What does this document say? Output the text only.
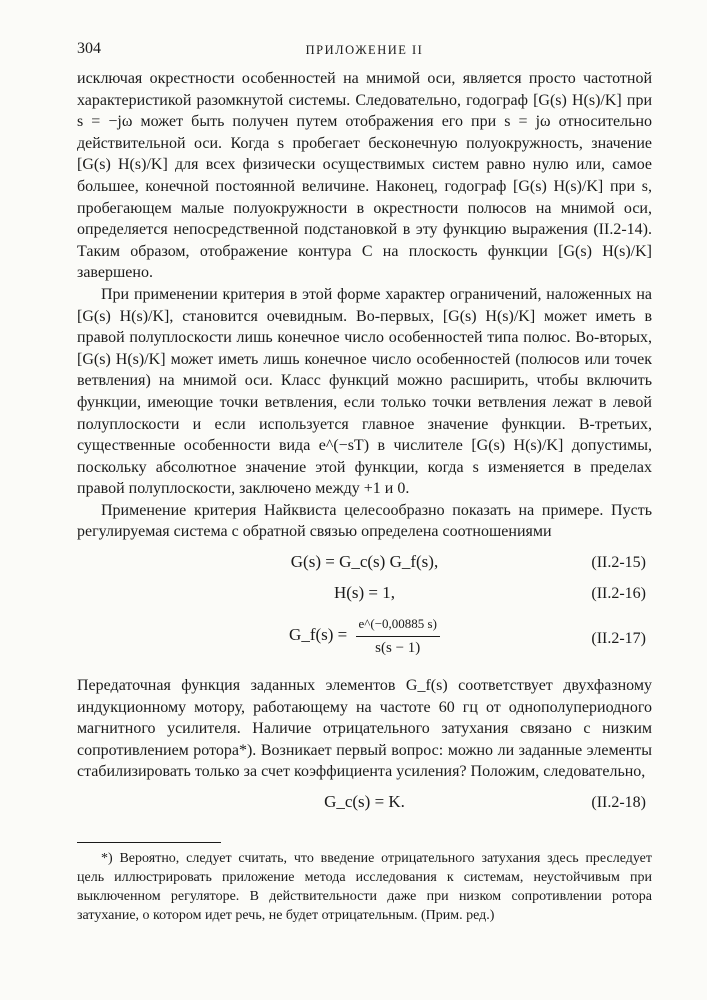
304	ПРИЛОЖЕНИЕ II

исключая окрестности особенностей на мнимой оси, является просто частотной характеристикой разомкнутой системы. Следовательно, годограф [G(s) H(s)/K] при s = −jω может быть получен путем отображения его при s = jω относительно действительной оси. Когда s пробегает бесконечную полуокружность, значение [G(s) H(s)/K] для всех физически осуществимых систем равно нулю или, самое большее, конечной постоянной величине. Наконец, годограф [G(s) H(s)/K] при s, пробегающем малые полуокружности в окрестности полюсов на мнимой оси, определяется непосредственной подстановкой в эту функцию выражения (II.2-14). Таким образом, отображение контура C на плоскость функции [G(s) H(s)/K] завершено.

При применении критерия в этой форме характер ограничений, наложенных на [G(s) H(s)/K], становится очевидным. Во-первых, [G(s) H(s)/K] может иметь в правой полуплоскости лишь конечное число особенностей типа полюс. Во-вторых, [G(s) H(s)/K] может иметь лишь конечное число особенностей (полюсов или точек ветвления) на мнимой оси. Класс функций можно расширить, чтобы включить функции, имеющие точки ветвления, если только точки ветвления лежат в левой полуплоскости и если используется главное значение функции. В-третьих, существенные особенности вида e^(−sT) в числителе [G(s) H(s)/K] допустимы, поскольку абсолютное значение этой функции, когда s изменяется в пределах правой полуплоскости, заключено между +1 и 0.

Применение критерия Найквиста целесообразно показать на примере. Пусть регулируемая система с обратной связью определена соотношениями

G(s) = G_c(s) G_f(s),	(II.2-15)
H(s) = 1,	(II.2-16)
G_f(s) = $\frac{e\^{}(-0,00885 s)}{s(s - 1)}$	(II.2-17)

Передаточная функция заданных элементов G_f(s) соответствует двухфазному индукционному мотору, работающему на частоте 60 гц от однополупериодного магнитного усилителя. Наличие отрицательного затухания связано с низким сопротивлением ротора*). Возникает первый вопрос: можно ли заданные элементы стабилизировать только за счет коэффициента усиления? Положим, следовательно,

G_c(s) = K.	(II.2-18)

*) Вероятно, следует считать, что введение отрицательного затухания здесь преследует цель иллюстрировать приложение метода исследования к системам, неустойчивым при выключенном регуляторе. В действительности даже при низком сопротивлении ротора затухание, о котором идет речь, не будет отрицательным. (Прим. ред.)
